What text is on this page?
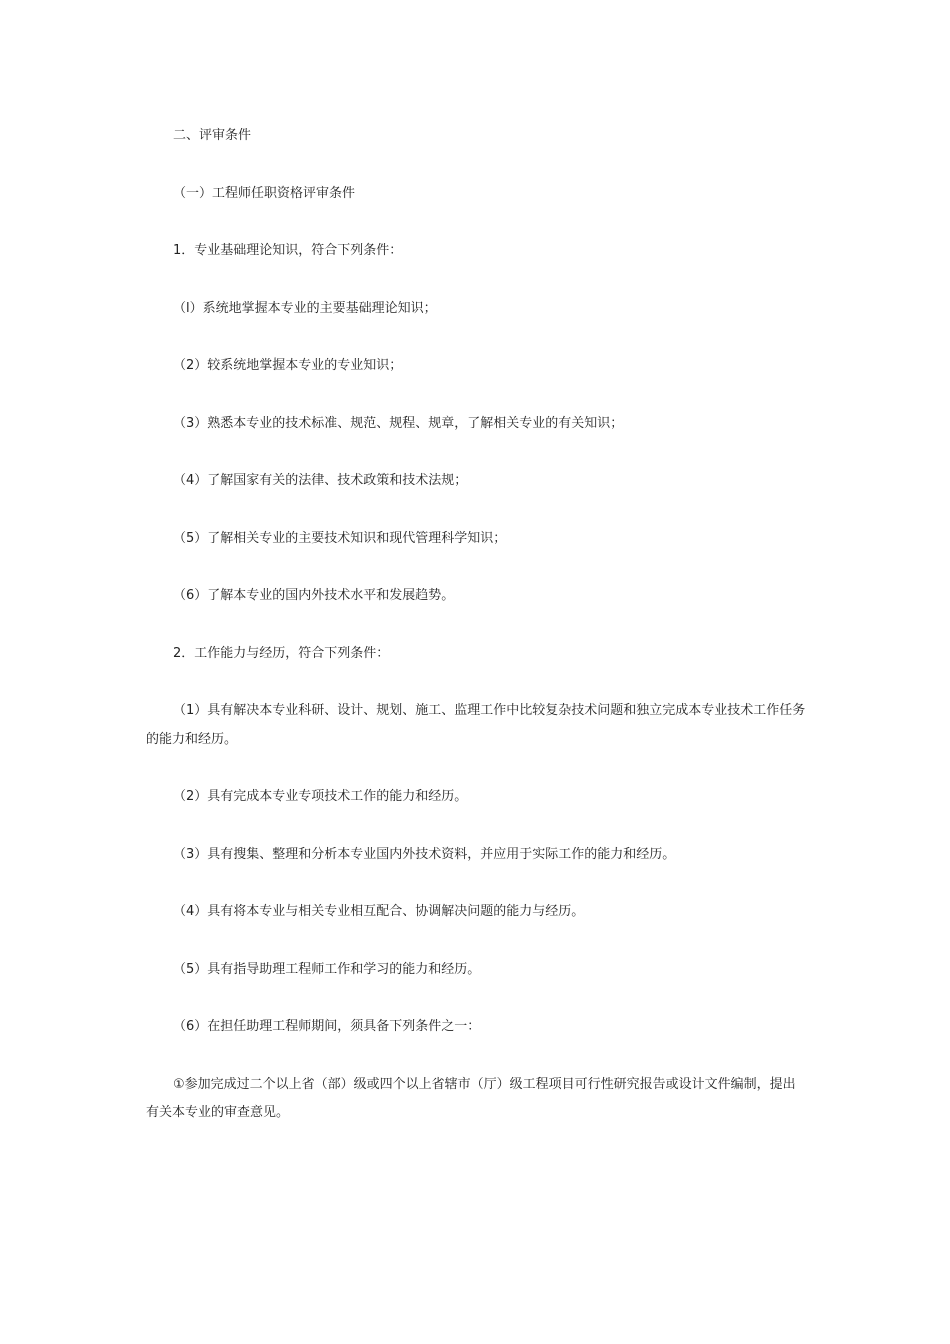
二、评审条件

（一）工程师任职资格评审条件

1．专业基础理论知识，符合下列条件：

（l）系统地掌握本专业的主要基础理论知识；

（2）较系统地掌握本专业的专业知识；

（3）熟悉本专业的技术标准、规范、规程、规章，了解相关专业的有关知识；

（4）了解国家有关的法律、技术政策和技术法规；

（5）了解相关专业的主要技术知识和现代管理科学知识；

（6）了解本专业的国内外技术水平和发展趋势。

2．工作能力与经历，符合下列条件：

（1）具有解决本专业科研、设计、规划、施工、监理工作中比较复杂技术问题和独立完成本专业技术工作任务的能力和经历。

（2）具有完成本专业专项技术工作的能力和经历。

（3）具有搜集、整理和分析本专业国内外技术资料，并应用于实际工作的能力和经历。

（4）具有将本专业与相关专业相互配合、协调解决问题的能力与经历。

（5）具有指导助理工程师工作和学习的能力和经历。

（6）在担任助理工程师期间，须具备下列条件之一：

①参加完成过二个以上省（部）级或四个以上省辖市（厅）级工程项目可行性研究报告或设计文件编制，提出有关本专业的审查意见。
